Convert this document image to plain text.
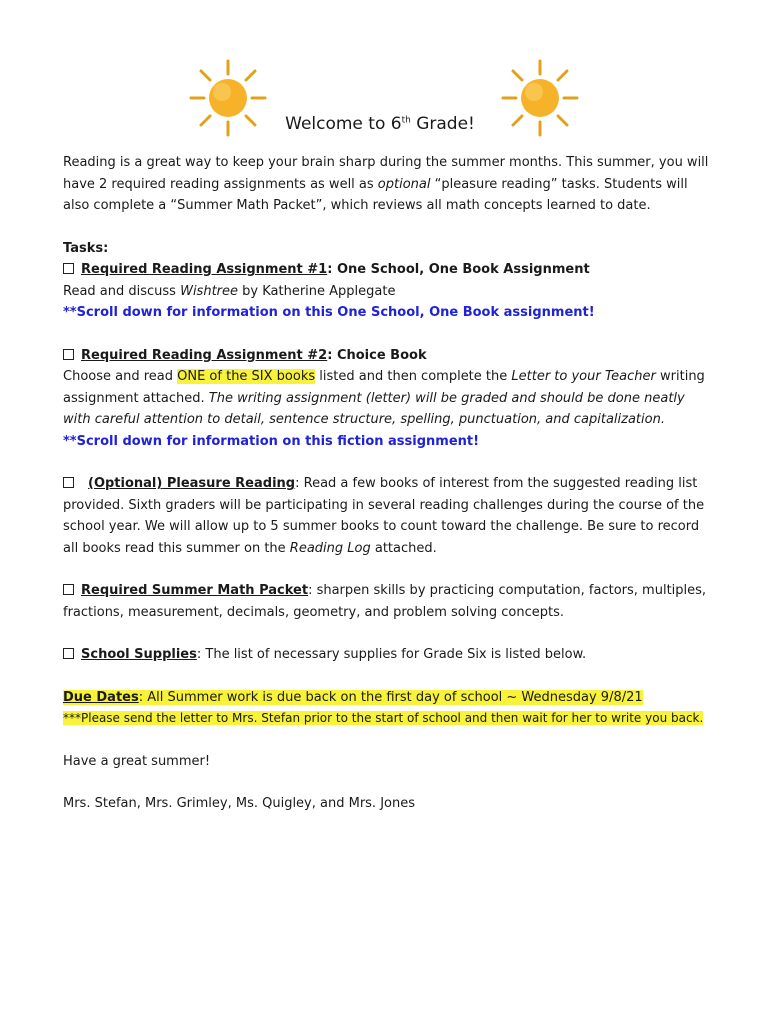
Welcome to 6th Grade!

Reading is a great way to keep your brain sharp during the summer months. This summer, you will have 2 required reading assignments as well as optional “pleasure reading” tasks. Students will also complete a “Summer Math Packet”, which reviews all math concepts learned to date.

Tasks:

Required Reading Assignment #1: One School, One Book Assignment

Read and discuss Wishtree by Katherine Applegate

**Scroll down for information on this One School, One Book assignment!

Required Reading Assignment #2: Choice Book

Choose and read ONE of the SIX books listed and then complete the Letter to your Teacher writing assignment attached. The writing assignment (letter) will be graded and should be done neatly with careful attention to detail, sentence structure, spelling, punctuation, and capitalization.

**Scroll down for information on this fiction assignment!

(Optional) Pleasure Reading: Read a few books of interest from the suggested reading list provided. Sixth graders will be participating in several reading challenges during the course of the school year. We will allow up to 5 summer books to count toward the challenge. Be sure to record all books read this summer on the Reading Log attached.

Required Summer Math Packet: sharpen skills by practicing computation, factors, multiples, fractions, measurement, decimals, geometry, and problem solving concepts.

School Supplies: The list of necessary supplies for Grade Six is listed below.

Due Dates: All Summer work is due back on the first day of school ~ Wednesday 9/8/21

***Please send the letter to Mrs. Stefan prior to the start of school and then wait for her to write you back.

Have a great summer!

Mrs. Stefan, Mrs. Grimley, Ms. Quigley, and Mrs. Jones
